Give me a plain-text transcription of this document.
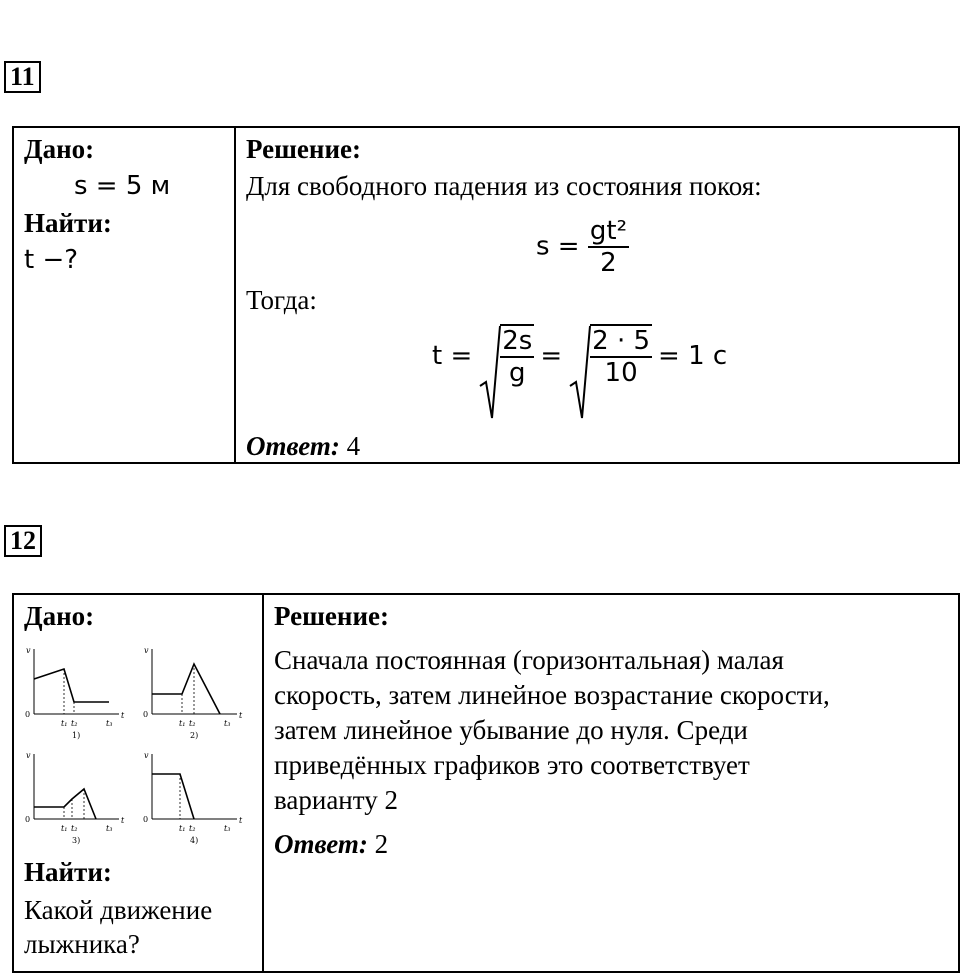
11
Дано:
s = 5 м
Найти:
t −?

Решение:
Для свободного падения из состояния покоя:
$s = \frac{\text{gt²}}{2}$
Тогда:
$t = \frac{2s}{g} = \frac{2 \cdot 5}{10} = 1$ с
Ответ: 4
12
Дано:
v
t
0
t₁ t₂	t₃
1)
v
t
0
t₁ t₂	t₃
2)
v
t
0
t₁ t₂	t₃
3)
v
t
0
t₁ t₂	t₃
4)
Найти:
Какой движение
лыжника?

Решение:
Сначала постоянная (горизонтальная) малая
скорость, затем линейное возрастание скорости,
затем линейное убывание до нуля. Среди
приведённых графиков это соответствует
варианту 2
Ответ: 2
